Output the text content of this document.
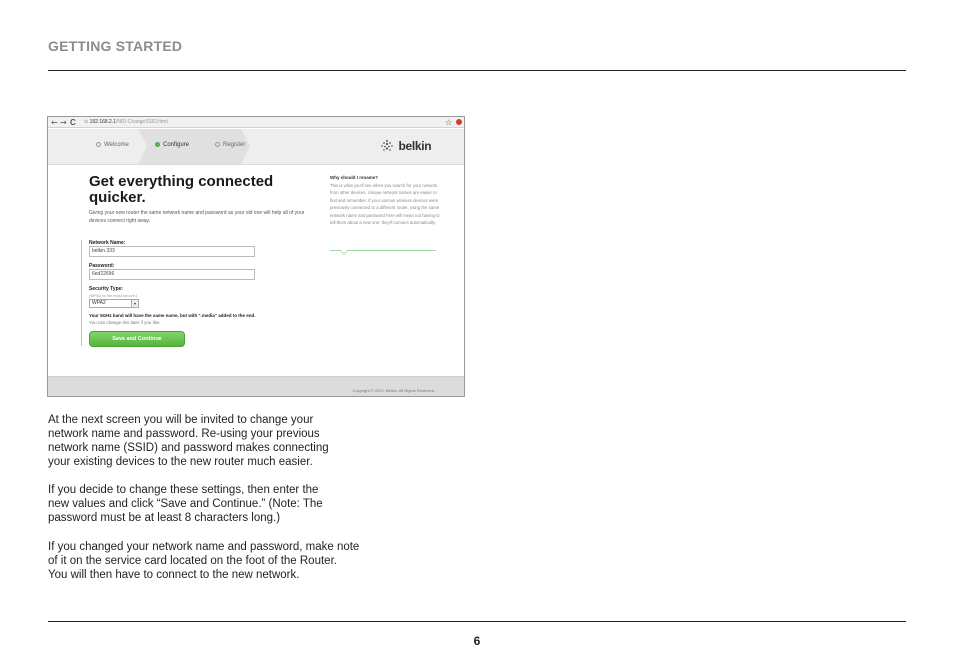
GETTING STARTED
← → C ⊙ 192.168.2.1/NID-ChangeSSID.html	☆
Welcome	Configure	Register	belkin
Get everything connected quicker.
Giving your new router the same network name and password as your old one will help all of your devices connect right away.
Network Name:
belkin.333
Password:
6ed22696
Security Type:
(WPA2 is the most secure.)
WPA2	▾
Your 5GHz band will have the same name, but with ".media" added to the end.
You can change this later if you like.
Save and Continue
Why should I rename?
This is what you'll see when you search for your network from other devices. Unique network names are easier to find and remember. If your various wireless devices were previously connected to a different router, using the same network name and password here will mean not having to tell them about a new one; they'll connect automatically.
Copyright © 2012, Belkin, All Rights Reserved
At the next screen you will be invited to change your
network name and password. Re-using your previous
network name (SSID) and password makes connecting
your existing devices to the new router much easier.
If you decide to change these settings, then enter the
new values and click “Save and Continue.” (Note: The
password must be at least 8 characters long.)
If you changed your network name and password, make note
of it on the service card located on the foot of the Router.
You will then have to connect to the new network.
6
